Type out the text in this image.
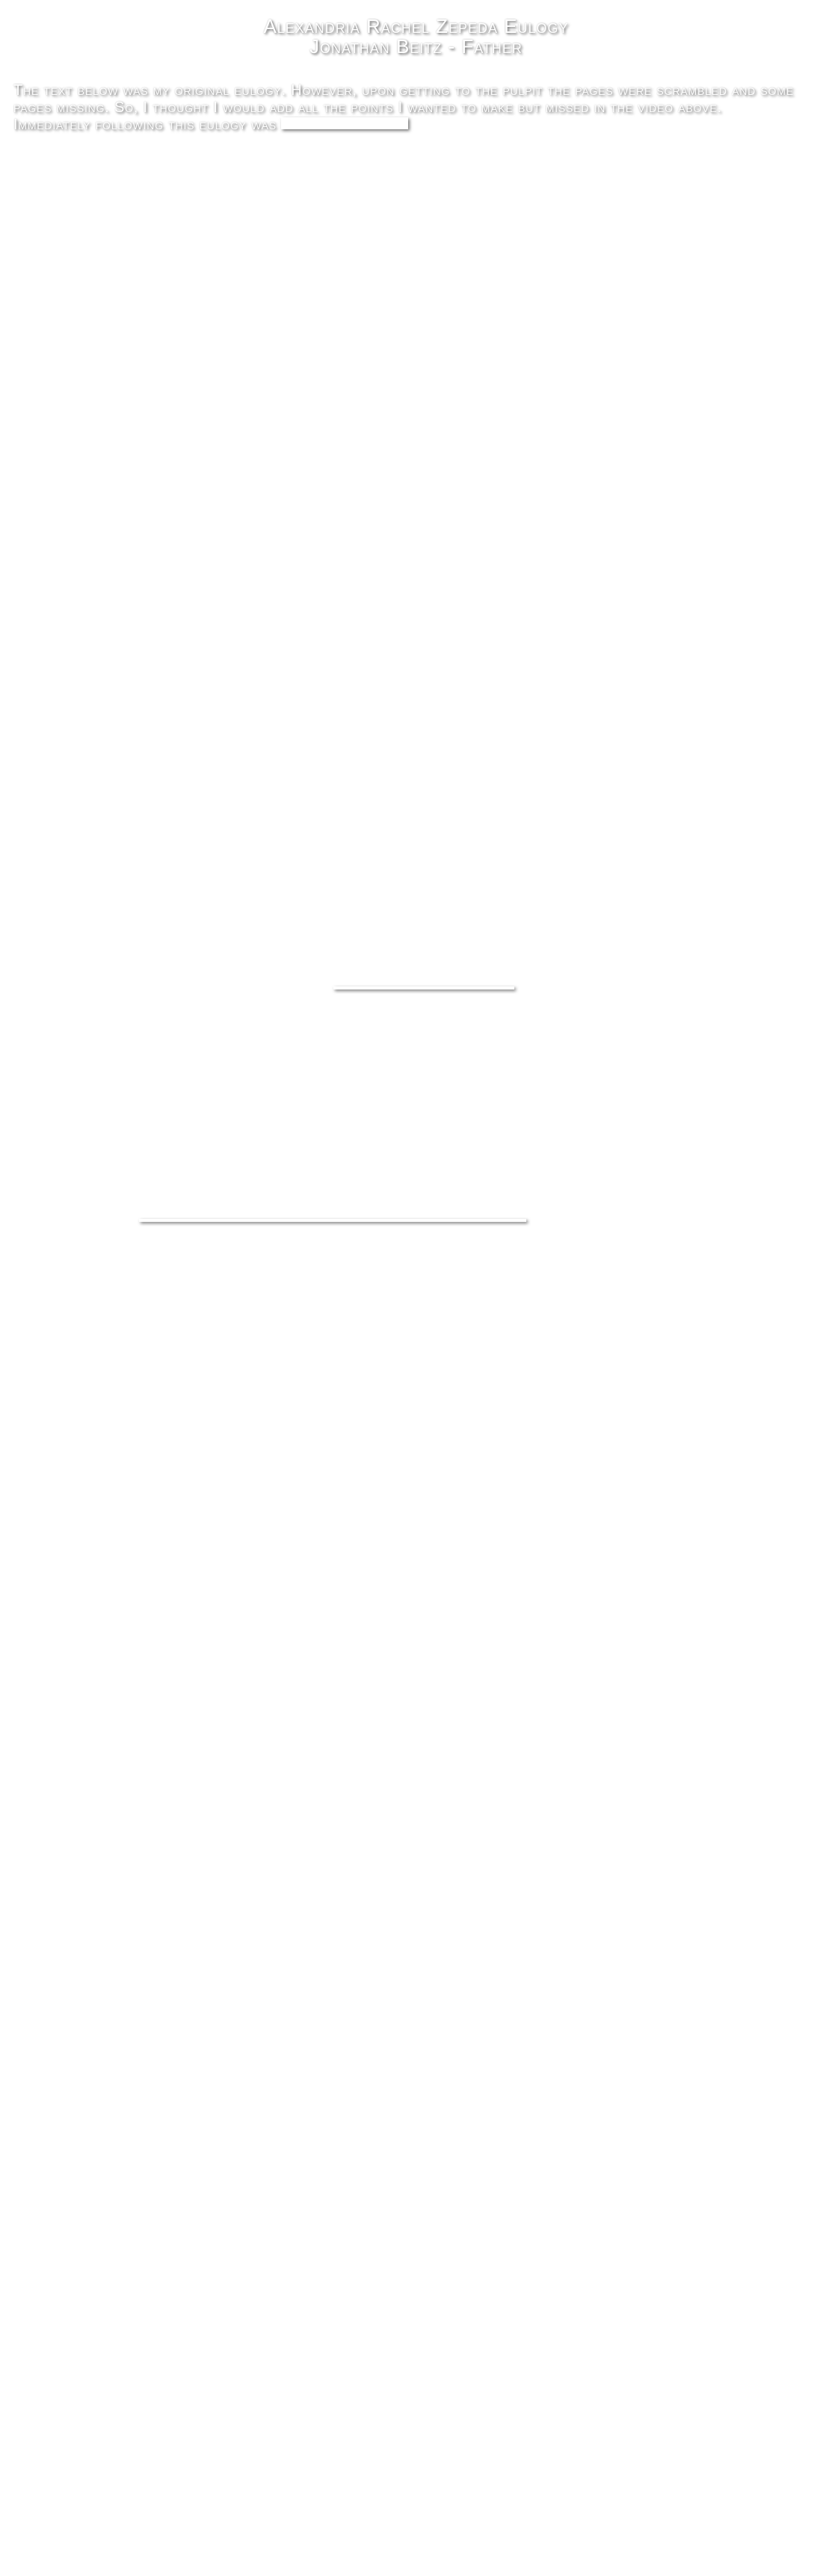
Alexandria Rachel Zepeda Eulogy
Jonathan Beitz - Father
The text below was my original eulogy. However, upon getting to the pulpit the pages were scrambled and some pages missing. So, I thought I would add all the points I wanted to make but missed in the video above. Immediately following this eulogy was
